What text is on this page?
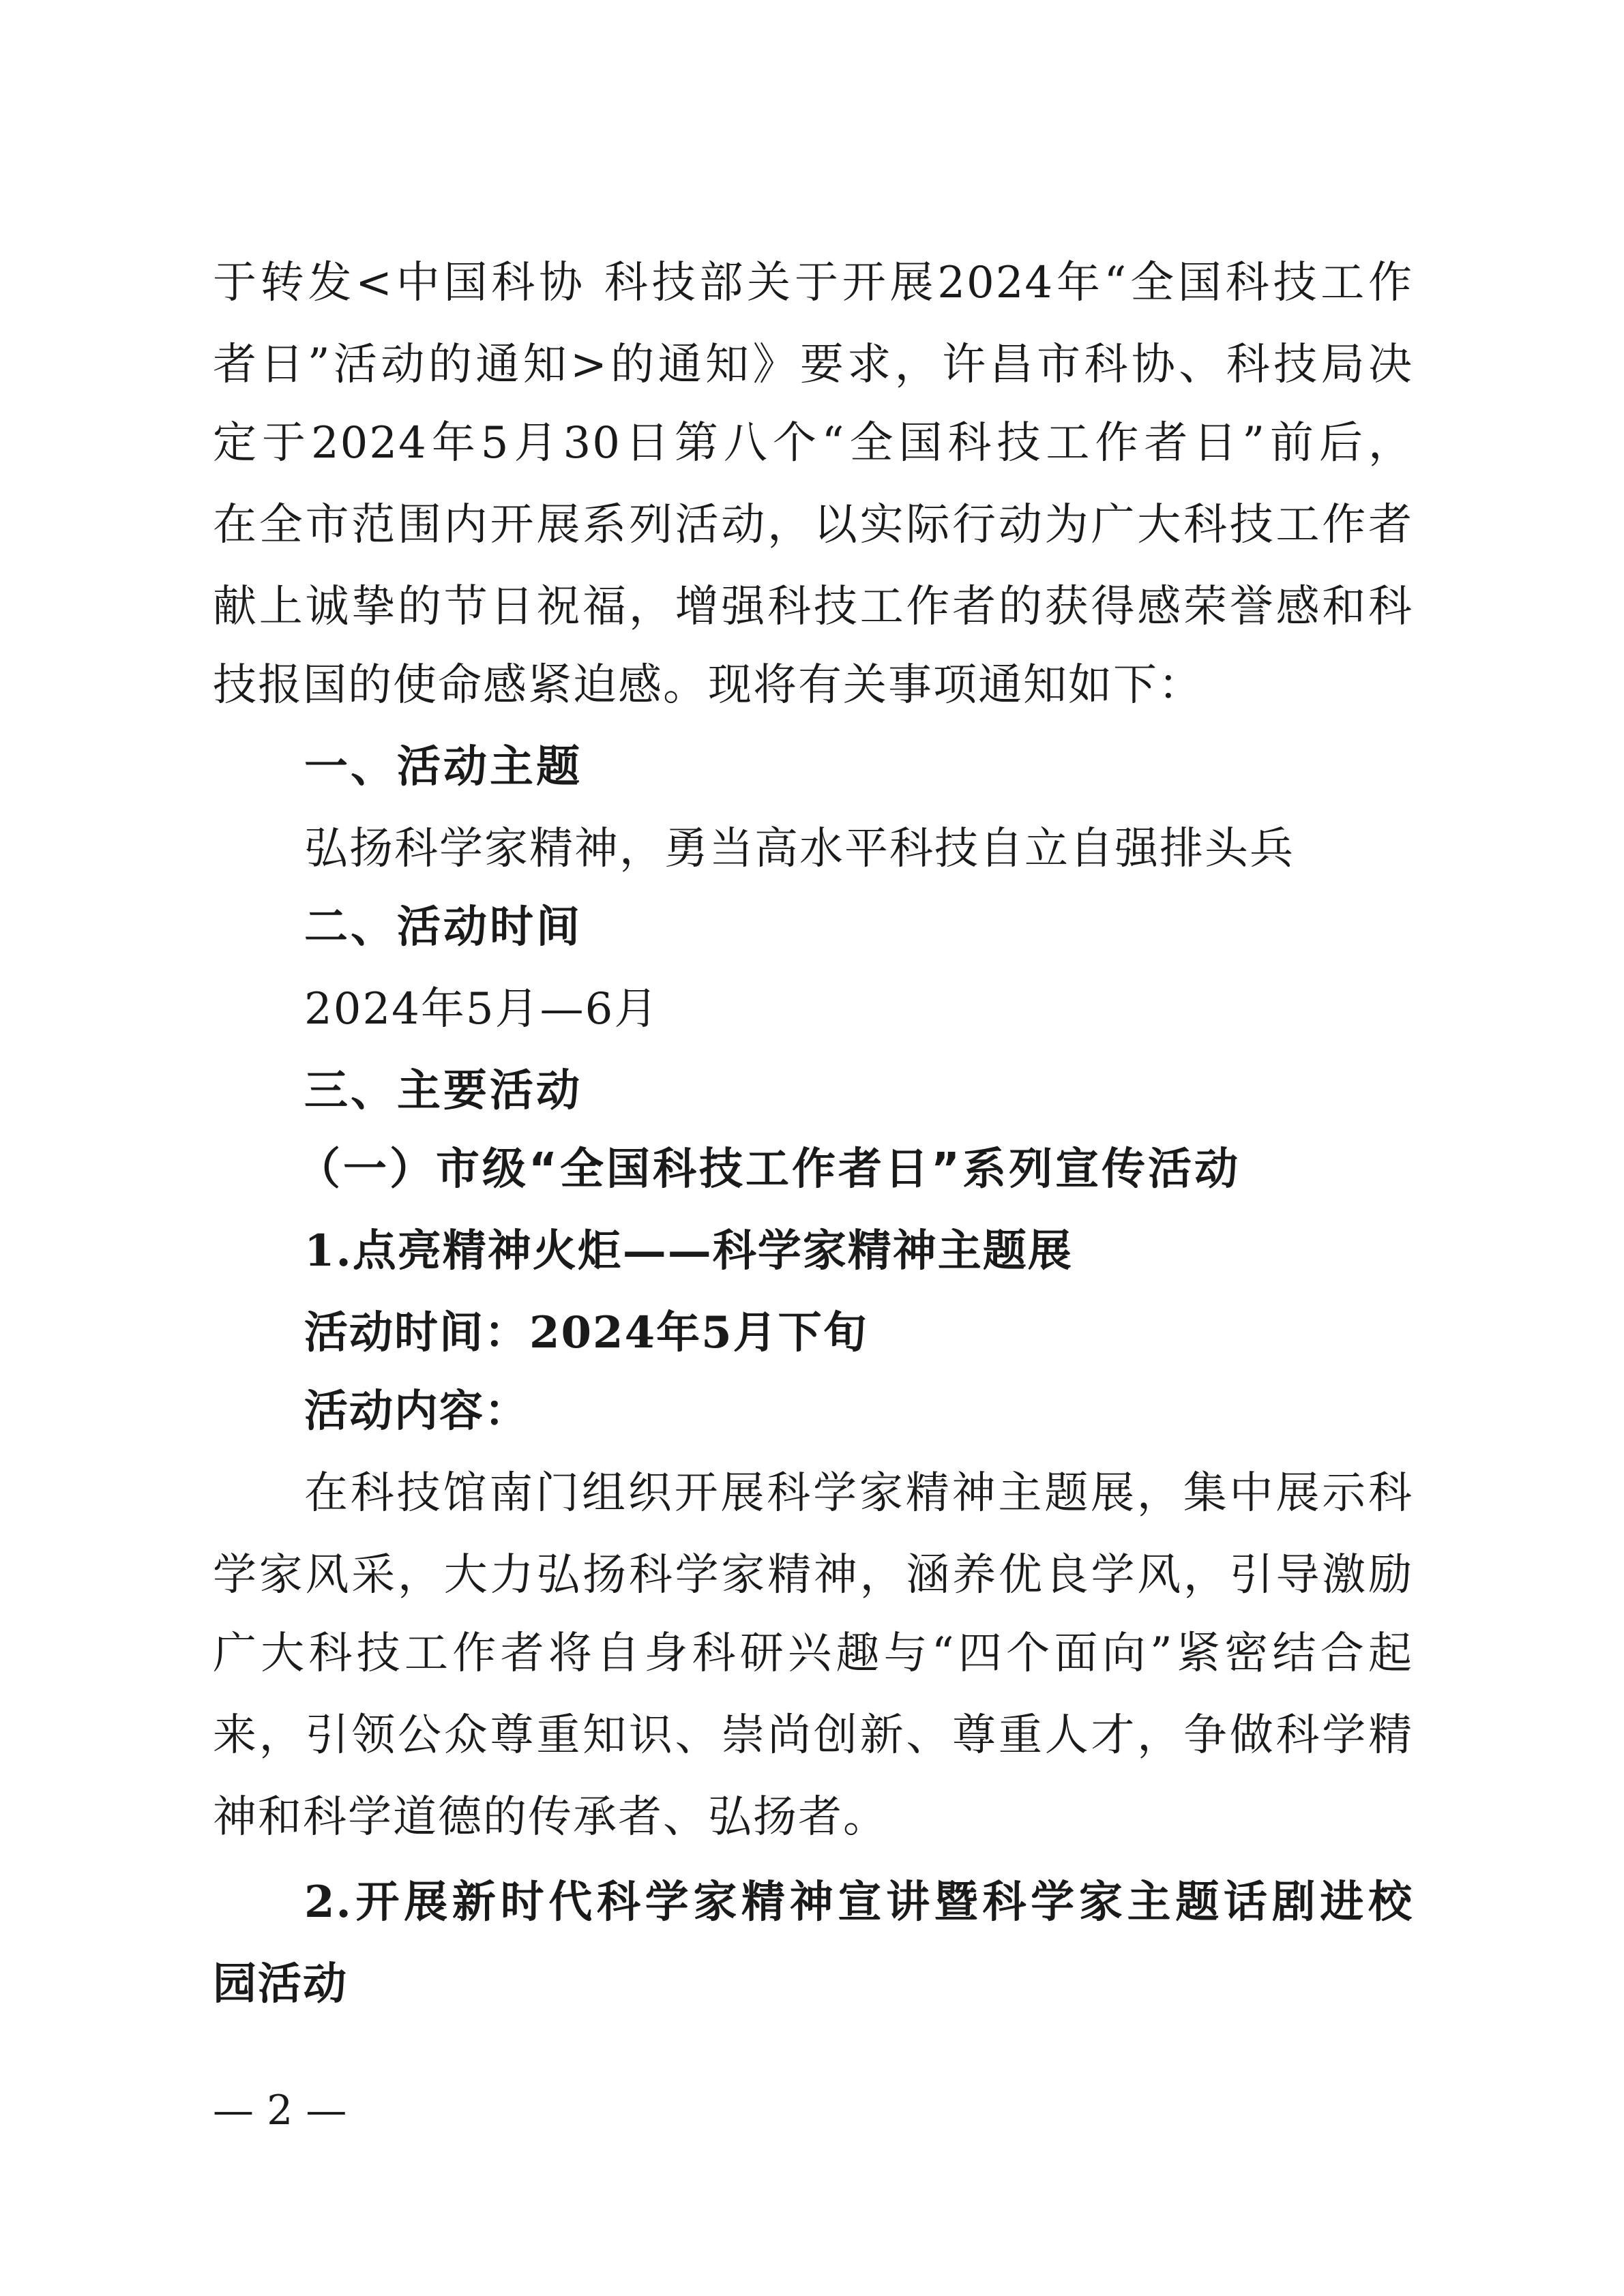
于转发<中国科协 科技部关于开展2024年“全国科技工作
者日”活动的通知>的通知》要求，许昌市科协、科技局决
定于2024年5月30日第八个“全国科技工作者日”前后，
在全市范围内开展系列活动，以实际行动为广大科技工作者
献上诚挚的节日祝福，增强科技工作者的获得感荣誉感和科
技报国的使命感紧迫感。现将有关事项通知如下：
一、活动主题
弘扬科学家精神，勇当高水平科技自立自强排头兵
二、活动时间
2024年5月—6月
三、主要活动
（一）市级“全国科技工作者日”系列宣传活动
1.点亮精神火炬——科学家精神主题展
活动时间：2024年5月下旬
活动内容：
在科技馆南门组织开展科学家精神主题展，集中展示科
学家风采，大力弘扬科学家精神，涵养优良学风，引导激励
广大科技工作者将自身科研兴趣与“四个面向”紧密结合起
来，引领公众尊重知识、崇尚创新、尊重人才，争做科学精
神和科学道德的传承者、弘扬者。
2.开展新时代科学家精神宣讲暨科学家主题话剧进校
园活动
— 2 —
